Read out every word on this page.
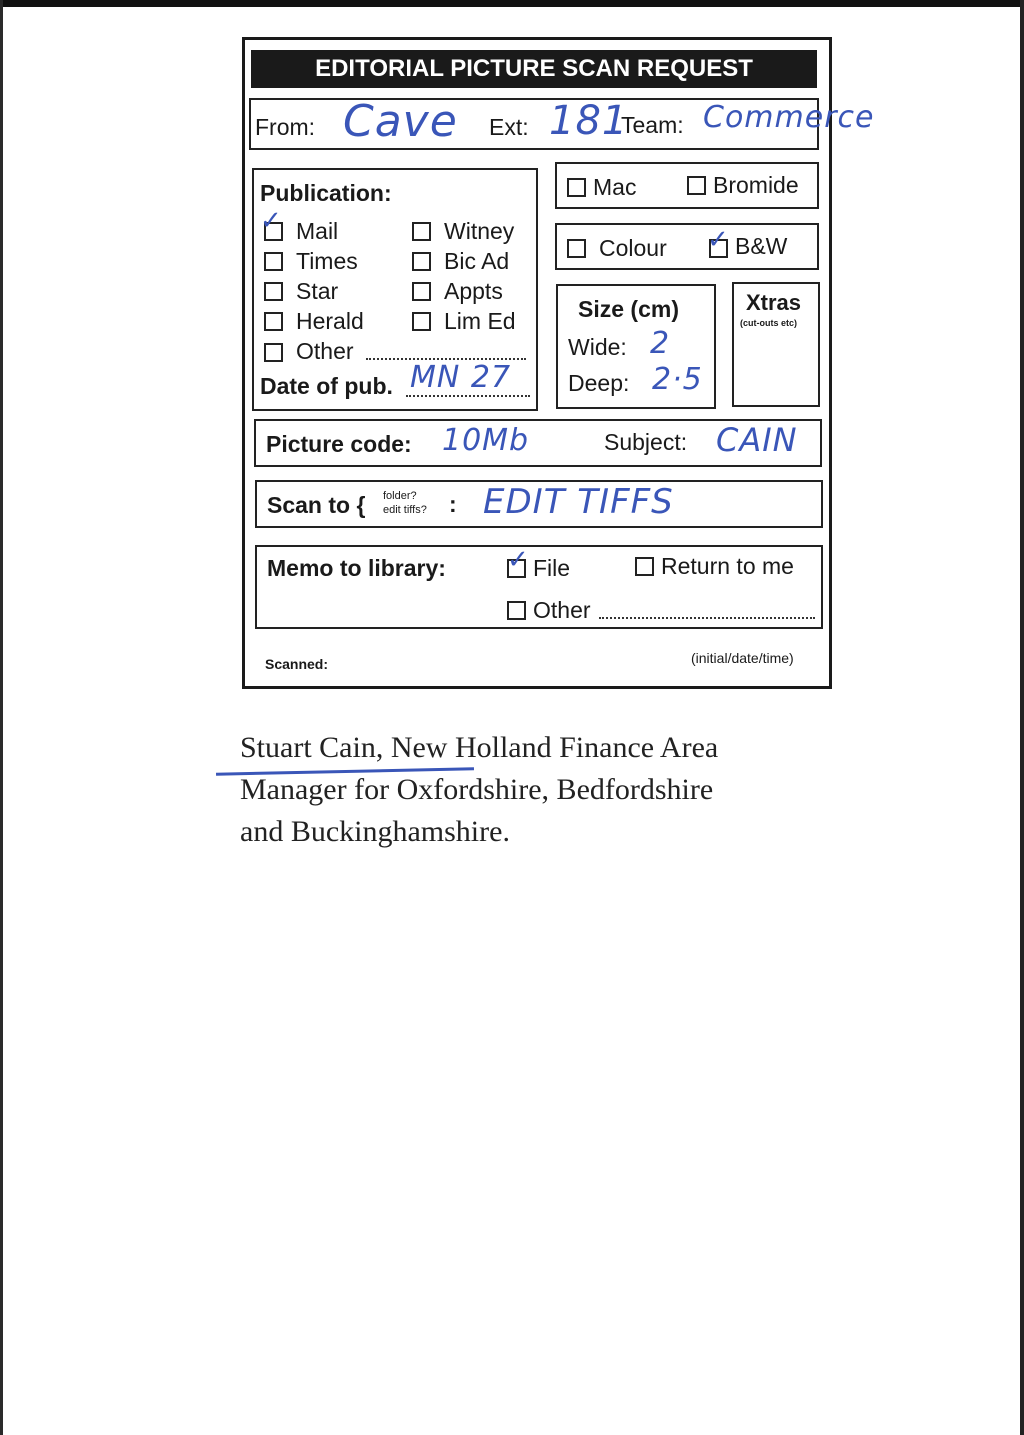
EDITORIAL PICTURE SCAN REQUEST
From: Cave Ext: 181
Team: Commerce
Publication:
✓ Mail
Times
Star
Herald
Other
Witney
Bic Ad
Appts
Lim Ed
Date of pub. MN 27
Mac	Bromide
Colour ✓ B&W
Size (cm)
Wide: 2
Deep: 2·5
Xtras
(cut-outs etc)
Picture code: 10Mb	Subject: CAIN
Scan to { folder?
edit tiffs? : EDIT TIFFS
Memo to library: ✓ File	Return to me
Other
Scanned:	(initial/date/time)
Stuart Cain, New Holland Finance Area
Manager for Oxfordshire, Bedfordshire
and Buckinghamshire.
